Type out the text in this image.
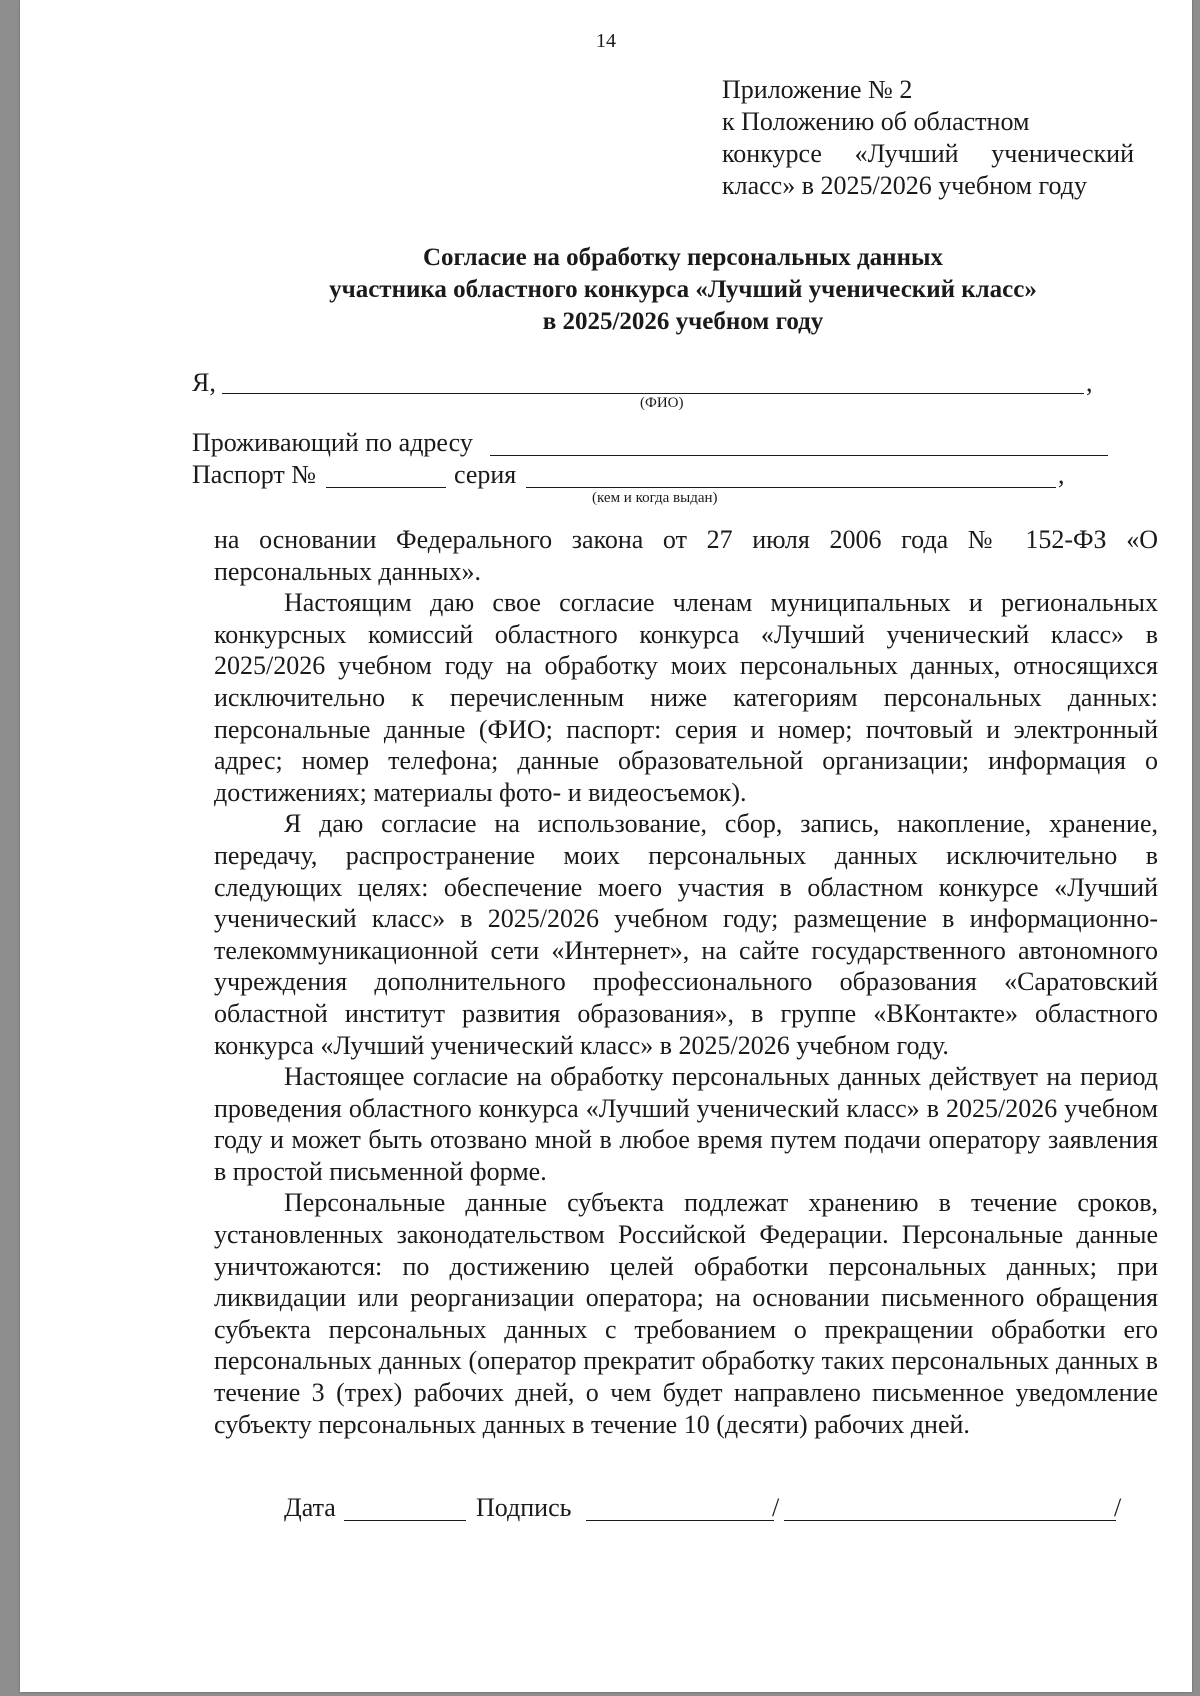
14
Приложение № 2
к Положению об областном
конкурсе «Лучший ученический
класс» в 2025/2026 учебном году
Согласие на обработку персональных данных
участника областного конкурса «Лучший ученический класс»
в 2025/2026 учебном году
Я,	,
(ФИО)
Проживающий по адресу
Паспорт №	серия	,
(кем и когда выдан)

на основании Федерального закона от 27 июля 2006 года № 152-ФЗ «О персональных данных».

Настоящим даю свое согласие членам муниципальных и региональных конкурсных комиссий областного конкурса «Лучший ученический класс» в 2025/2026 учебном году на обработку моих персональных данных, относящихся исключительно к перечисленным ниже категориям персональных данных: персональные данные (ФИО; паспорт: серия и номер; почтовый и электронный адрес; номер телефона; данные образовательной организации; информация о достижениях; материалы фото- и видеосъемок).

Я даю согласие на использование, сбор, запись, накопление, хранение, передачу, распространение моих персональных данных исключительно в следующих целях: обеспечение моего участия в областном конкурсе «Лучший ученический класс» в 2025/2026 учебном году; размещение в информационно-телекоммуникационной сети «Интернет», на сайте государственного автономного учреждения дополнительного профессионального образования «Саратовский областной институт развития образования», в группе «ВКонтакте» областного конкурса «Лучший ученический класс» в 2025/2026 учебном году.

Настоящее согласие на обработку персональных данных действует на период проведения областного конкурса «Лучший ученический класс» в 2025/2026 учебном году и может быть отозвано мной в любое время путем подачи оператору заявления в простой письменной форме.

Персональные данные субъекта подлежат хранению в течение сроков, установленных законодательством Российской Федерации. Персональные данные уничтожаются: по достижению целей обработки персональных данных; при ликвидации или реорганизации оператора; на основании письменного обращения субъекта персональных данных с требованием о прекращении обработки его персональных данных (оператор прекратит обработку таких персональных данных в течение 3 (трех) рабочих дней, о чем будет направлено письменное уведомление субъекту персональных данных в течение 10 (десяти) рабочих дней.

Дата	Подпись	/	/
